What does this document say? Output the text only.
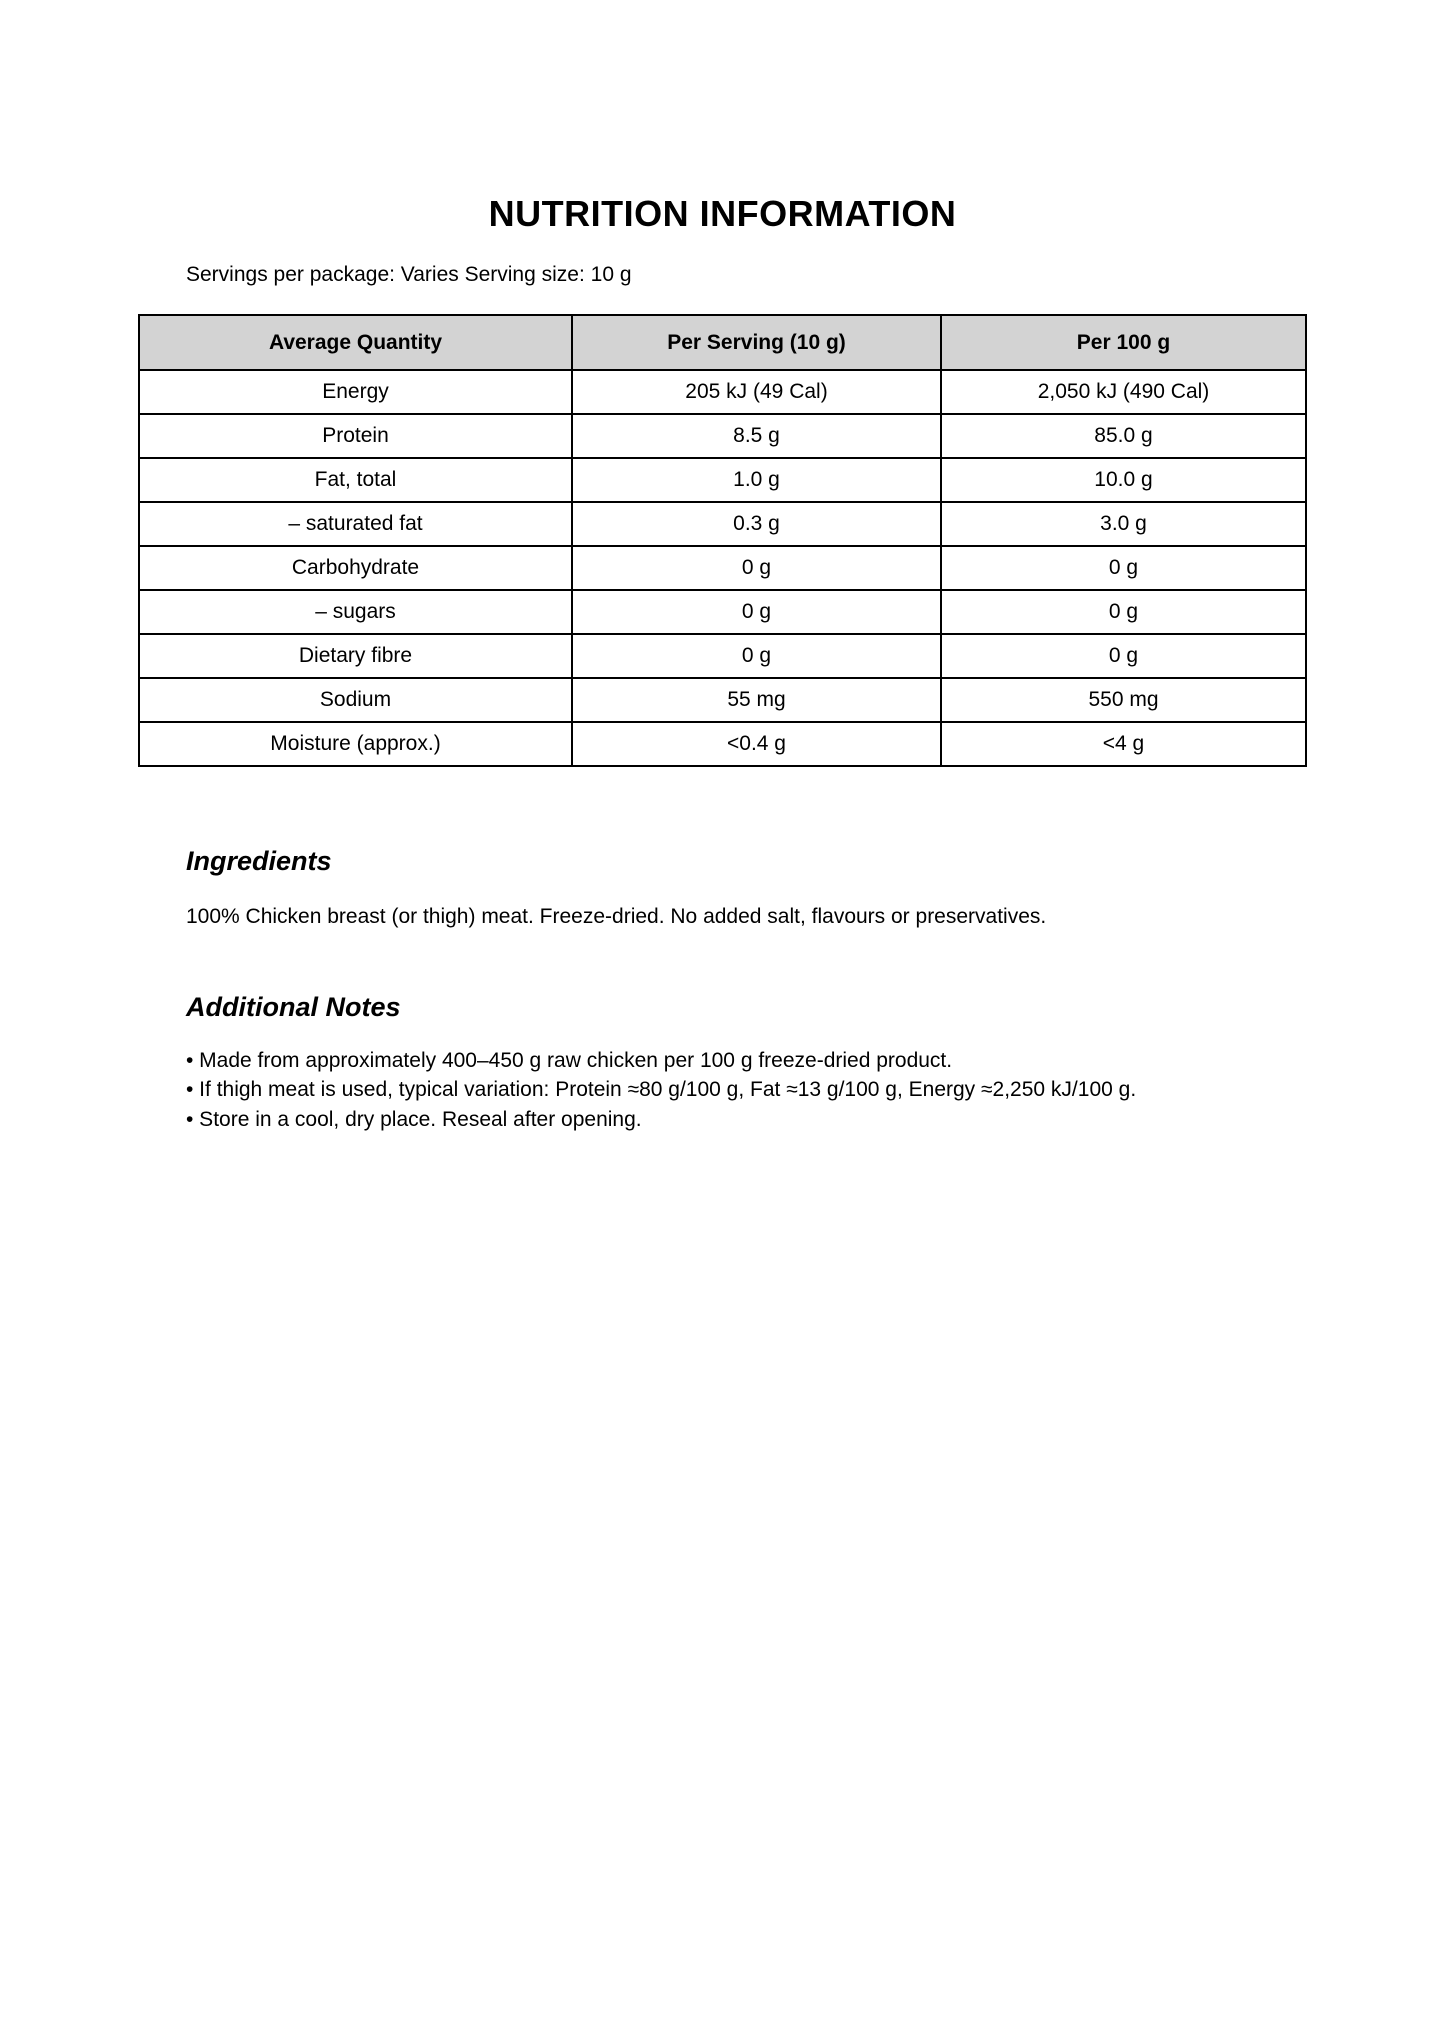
NUTRITION INFORMATION

Servings per package: Varies Serving size: 10 g

Average Quantity	Per Serving (10 g)	Per 100 g
Energy	205 kJ (49 Cal)	2,050 kJ (490 Cal)
Protein	8.5 g	85.0 g
Fat, total	1.0 g	10.0 g
– saturated fat	0.3 g	3.0 g
Carbohydrate	0 g	0 g
– sugars	0 g	0 g
Dietary fibre	0 g	0 g
Sodium	55 mg	550 mg
Moisture (approx.)	<0.4 g	<4 g
Ingredients

100% Chicken breast (or thigh) meat. Freeze-dried. No added salt, flavours or preservatives.

Additional Notes

• Made from approximately 400–450 g raw chicken per 100 g freeze-dried product.

• If thigh meat is used, typical variation: Protein ≈80 g/100 g, Fat ≈13 g/100 g, Energy ≈2,250 kJ/100 g.

• Store in a cool, dry place. Reseal after opening.
